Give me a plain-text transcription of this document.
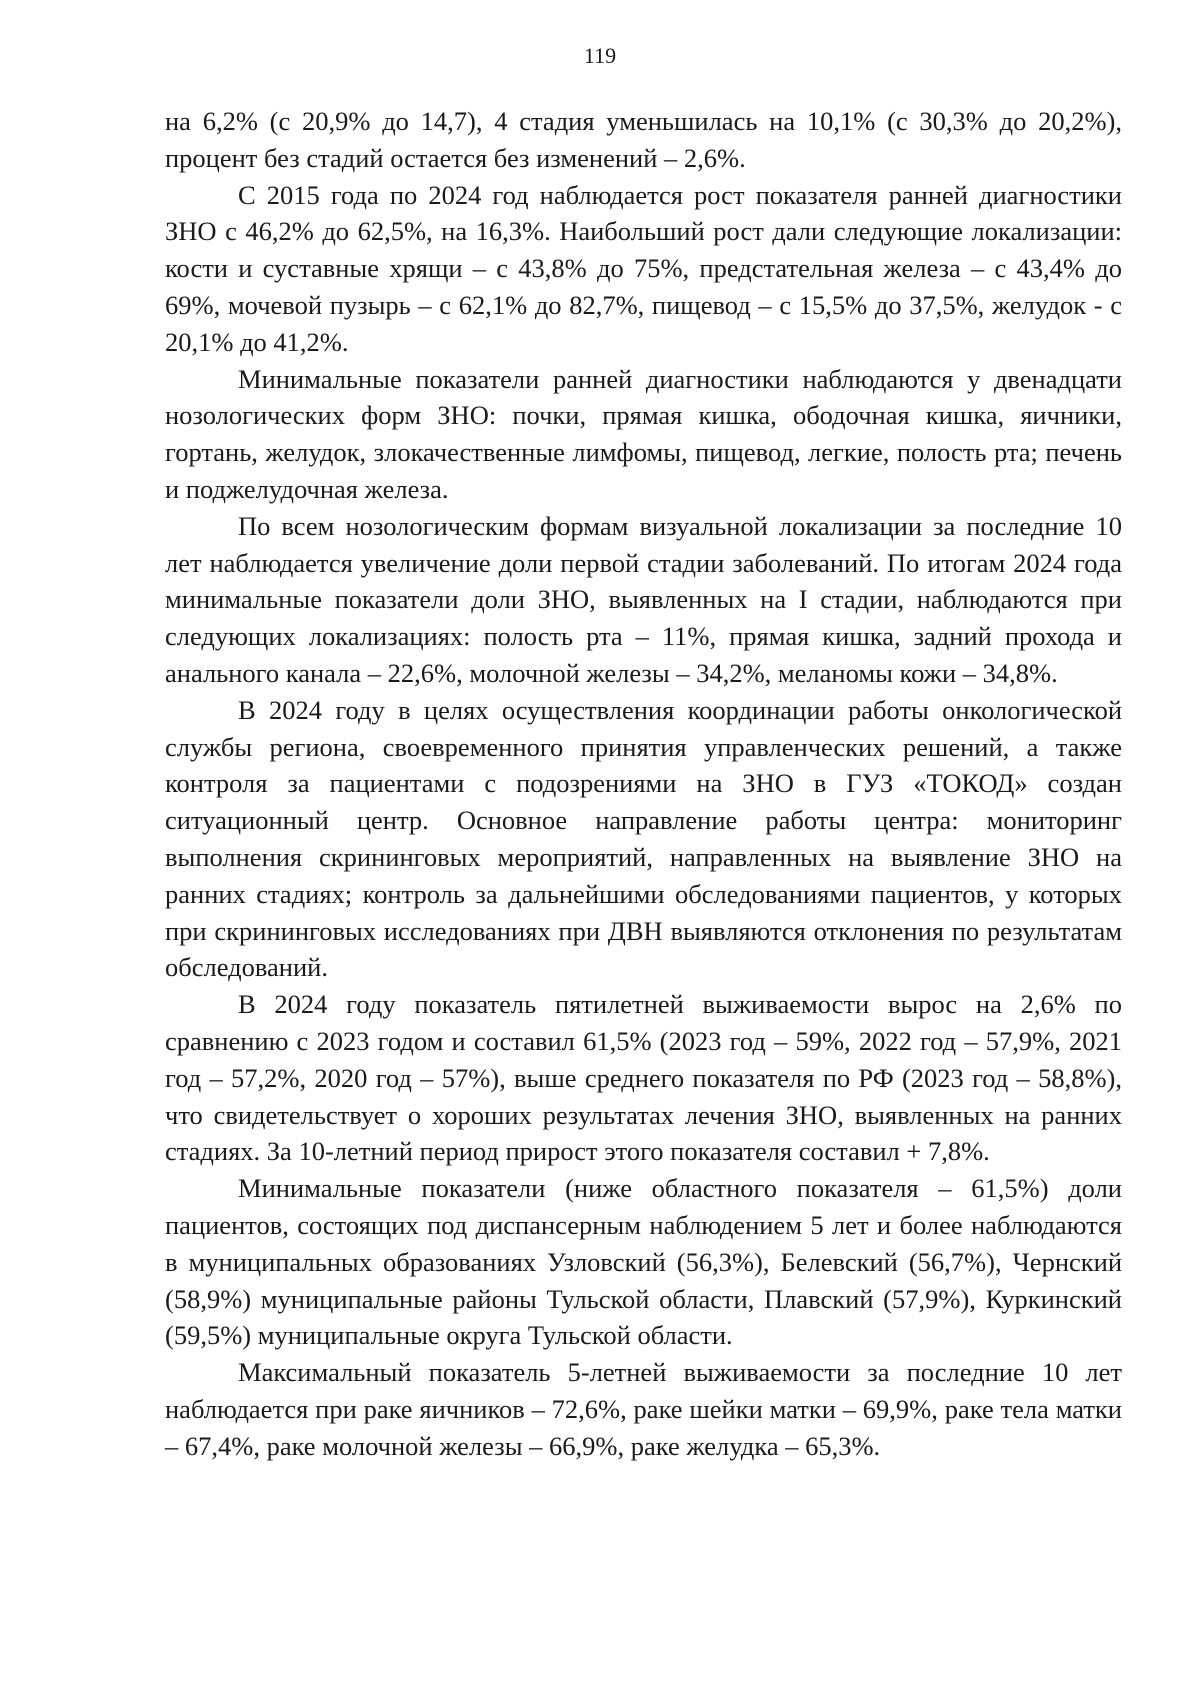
119

на 6,2% (с 20,9% до 14,7), 4 стадия уменьшилась на 10,1% (с 30,3% до 20,2%), процент без стадий остается без изменений – 2,6%.

С 2015 года по 2024 год наблюдается рост показателя ранней диагностики ЗНО с 46,2% до 62,5%, на 16,3%. Наибольший рост дали следующие локализации: кости и суставные хрящи – с 43,8% до 75%, предстательная железа – с 43,4% до 69%, мочевой пузырь – с 62,1% до 82,7%, пищевод – с 15,5% до 37,5%, желудок - с 20,1% до 41,2%.

Минимальные показатели ранней диагностики наблюдаются у двенадцати нозологических форм ЗНО: почки, прямая кишка, ободочная кишка, яичники, гортань, желудок, злокачественные лимфомы, пищевод, легкие, полость рта; печень и поджелудочная железа.

По всем нозологическим формам визуальной локализации за последние 10 лет наблюдается увеличение доли первой стадии заболеваний. По итогам 2024 года минимальные показатели доли ЗНО, выявленных на I стадии, наблюдаются при следующих локализациях: полость рта – 11%, прямая кишка, задний прохода и анального канала – 22,6%, молочной железы – 34,2%, меланомы кожи – 34,8%.

В 2024 году в целях осуществления координации работы онкологической службы региона, своевременного принятия управленческих решений, а также контроля за пациентами с подозрениями на ЗНО в ГУЗ «ТОКОД» создан ситуационный центр. Основное направление работы центра: мониторинг выполнения скрининговых мероприятий, направленных на выявление ЗНО на ранних стадиях; контроль за дальнейшими обследованиями пациентов, у которых при скрининговых исследованиях при ДВН выявляются отклонения по результатам обследований.

В 2024 году показатель пятилетней выживаемости вырос на 2,6% по сравнению с 2023 годом и составил 61,5% (2023 год – 59%, 2022 год – 57,9%, 2021 год – 57,2%, 2020 год – 57%), выше среднего показателя по РФ (2023 год – 58,8%), что свидетельствует о хороших результатах лечения ЗНО, выявленных на ранних стадиях. За 10-летний период прирост этого показателя составил + 7,8%.

Минимальные показатели (ниже областного показателя – 61,5%) доли пациентов, состоящих под диспансерным наблюдением 5 лет и более наблюдаются в муниципальных образованиях Узловский (56,3%), Белевский (56,7%), Чернский (58,9%) муниципальные районы Тульской области, Плавский (57,9%), Куркинский (59,5%) муниципальные округа Тульской области.

Максимальный показатель 5-летней выживаемости за последние 10 лет наблюдается при раке яичников – 72,6%, раке шейки матки – 69,9%, раке тела матки – 67,4%, раке молочной железы – 66,9%, раке желудка – 65,3%.
